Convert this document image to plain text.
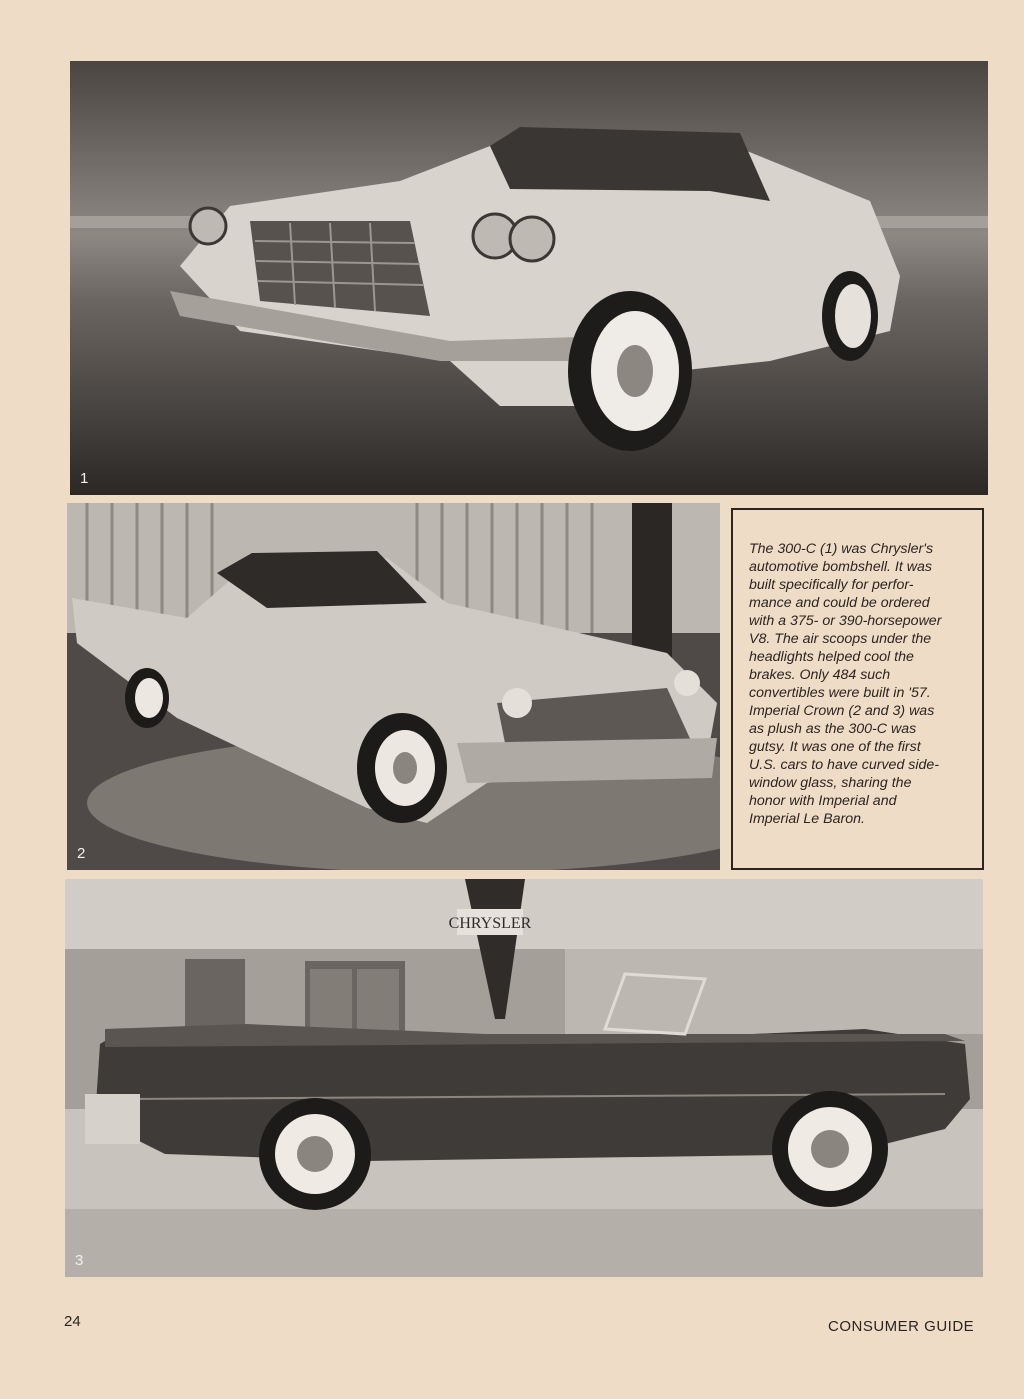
1
2

The 300-C (1) was Chrysler's
automotive bombshell. It was
built specifically for perfor-
mance and could be ordered
with a 375- or 390-horsepower
V8. The air scoops under the
headlights helped cool the
brakes. Only 484 such
convertibles were built in '57.
Imperial Crown (2 and 3) was
as plush as the 300-C was
gutsy. It was one of the first
U.S. cars to have curved side-
window glass, sharing the
honor with Imperial and
Imperial Le Baron.

CHRYSLER
3
24	CONSUMER GUIDE
